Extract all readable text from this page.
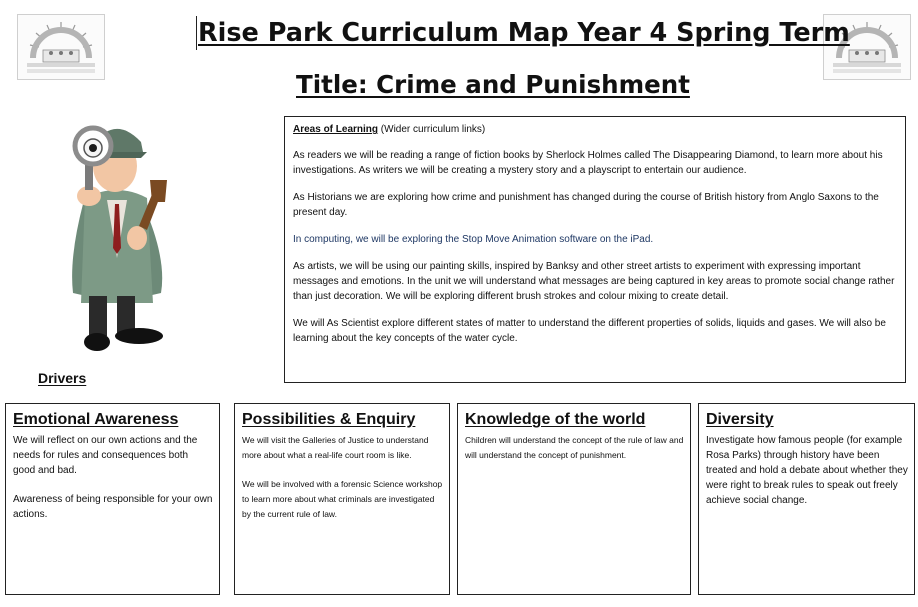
Rise Park Curriculum Map Year 4 Spring Term
Title: Crime and Punishment
Drivers

Areas of Learning (Wider curriculum links)

As readers we will be reading a range of fiction books by Sherlock Holmes called The Disappearing Diamond, to learn more about his investigations. As writers we will be creating a mystery story and a playscript to entertain our audience.

As Historians we are exploring how crime and punishment has changed during the course of British history from Anglo Saxons to the present day.

In computing, we will be exploring the Stop Move Animation software on the iPad.

As artists, we will be using our painting skills, inspired by Banksy and other street artists to experiment with expressing important messages and emotions. In the unit we will understand what messages are being captured in key areas to promote social change rather than just decoration. We will be exploring different brush strokes and colour mixing to create detail.

We will As Scientist explore different states of matter to understand the different properties of solids, liquids and gases. We will also be learning about the key concepts of the water cycle.

Emotional Awareness

We will reflect on our own actions and the needs for rules and consequences both good and bad.

Awareness of being responsible for your own actions.

Possibilities & Enquiry

We will visit the Galleries of Justice to understand more about what a real-life court room is like.

We will be involved with a forensic Science workshop to learn more about what criminals are investigated by the current rule of law.

Knowledge of the world

Children will understand the concept of the rule of law and will understand the concept of punishment.

Diversity

Investigate how famous people (for example Rosa Parks) through history have been treated and hold a debate about whether they were right to break rules to speak out freely achieve social change.
